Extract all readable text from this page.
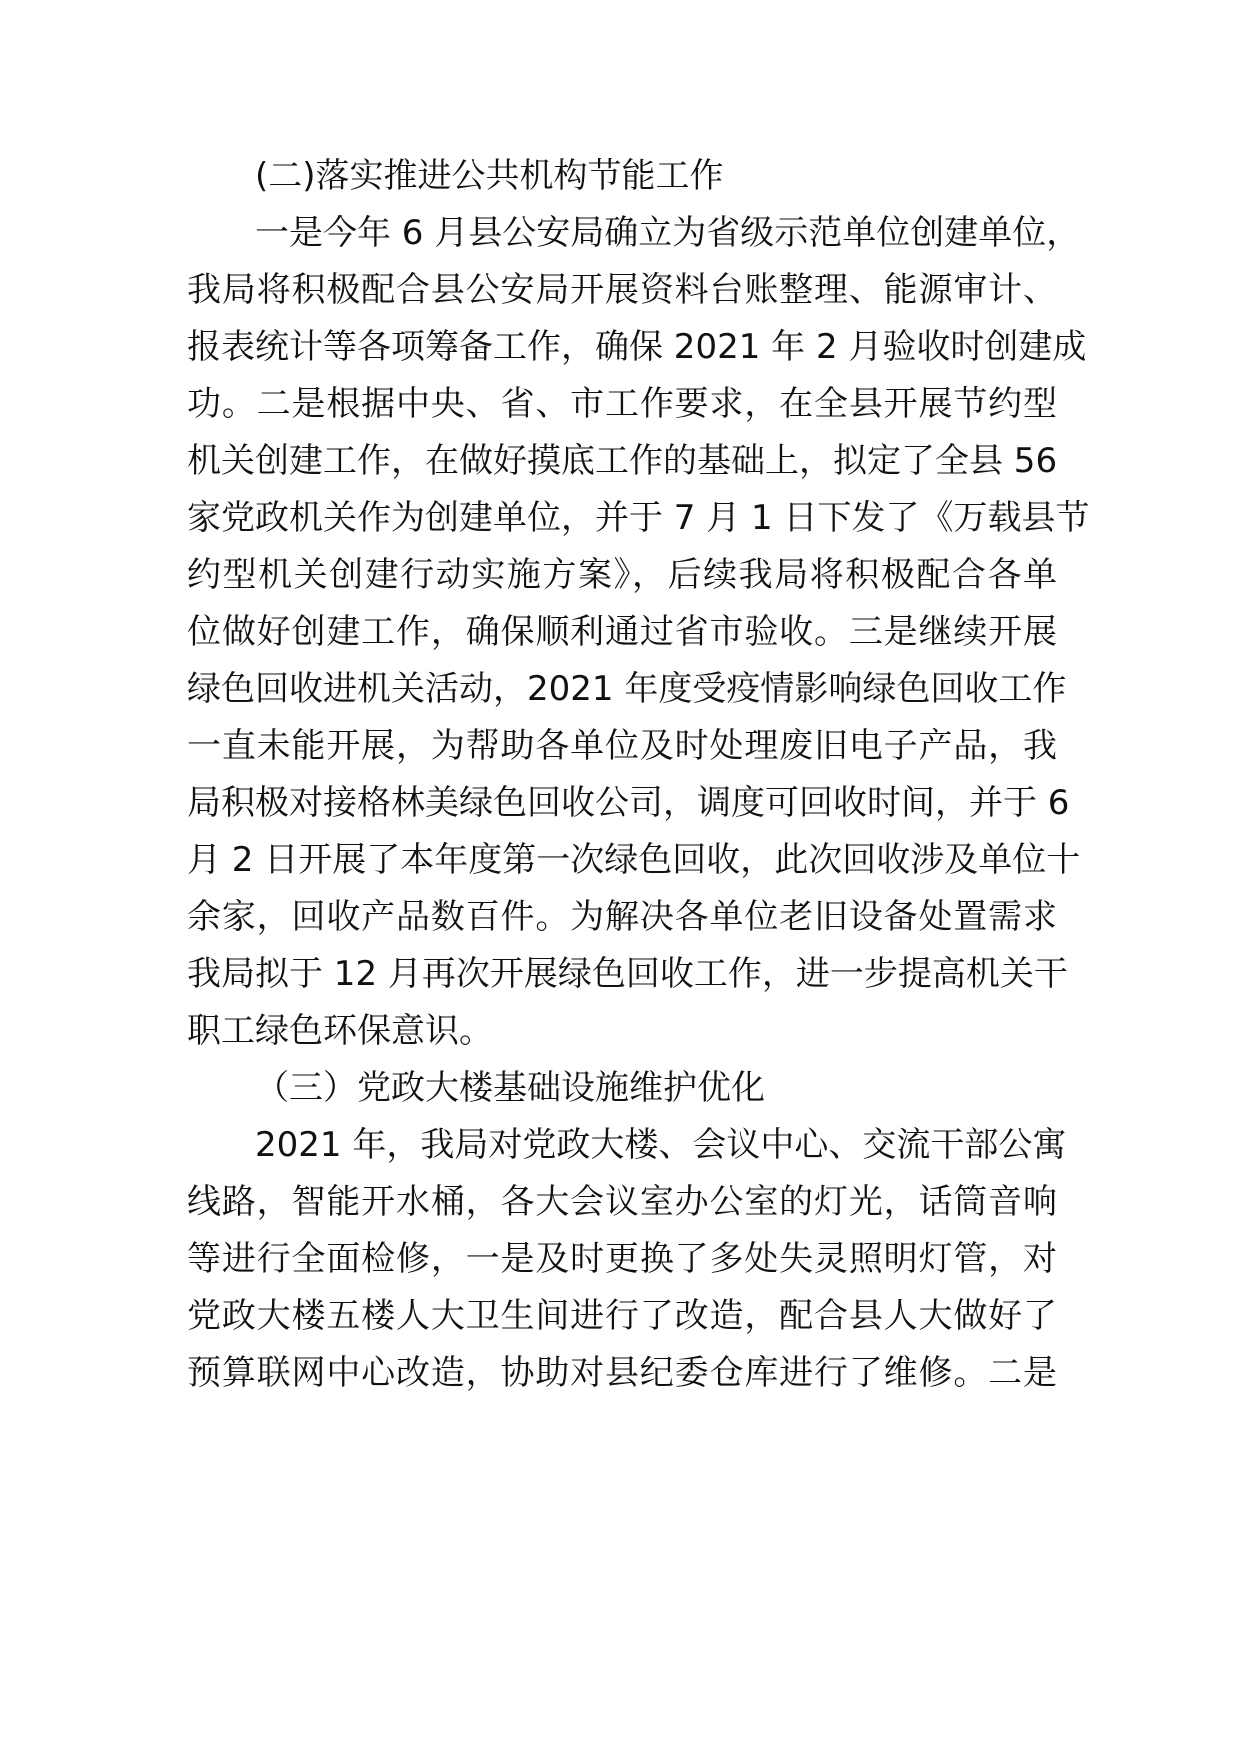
(二)落实推进公共机构节能工作
一是今年 6 月县公安局确立为省级示范单位创建单位，
我局将积极配合县公安局开展资料台账整理、能源审计、
报表统计等各项筹备工作，确保 2021 年 2 月验收时创建成
功。二是根据中央、省、市工作要求，在全县开展节约型
机关创建工作，在做好摸底工作的基础上，拟定了全县 56
家党政机关作为创建单位，并于 7 月 1 日下发了《万载县节
约型机关创建行动实施方案》，后续我局将积极配合各单
位做好创建工作，确保顺利通过省市验收。三是继续开展
绿色回收进机关活动，2021 年度受疫情影响绿色回收工作
一直未能开展，为帮助各单位及时处理废旧电子产品，我
局积极对接格林美绿色回收公司，调度可回收时间，并于 6
月 2 日开展了本年度第一次绿色回收，此次回收涉及单位十
余家，回收产品数百件。为解决各单位老旧设备处置需求
我局拟于 12 月再次开展绿色回收工作，进一步提高机关干
职工绿色环保意识。
（三）党政大楼基础设施维护优化
2021 年，我局对党政大楼、会议中心、交流干部公寓
线路，智能开水桶，各大会议室办公室的灯光，话筒音响
等进行全面检修，一是及时更换了多处失灵照明灯管，对
党政大楼五楼人大卫生间进行了改造，配合县人大做好了
预算联网中心改造，协助对县纪委仓库进行了维修。二是
